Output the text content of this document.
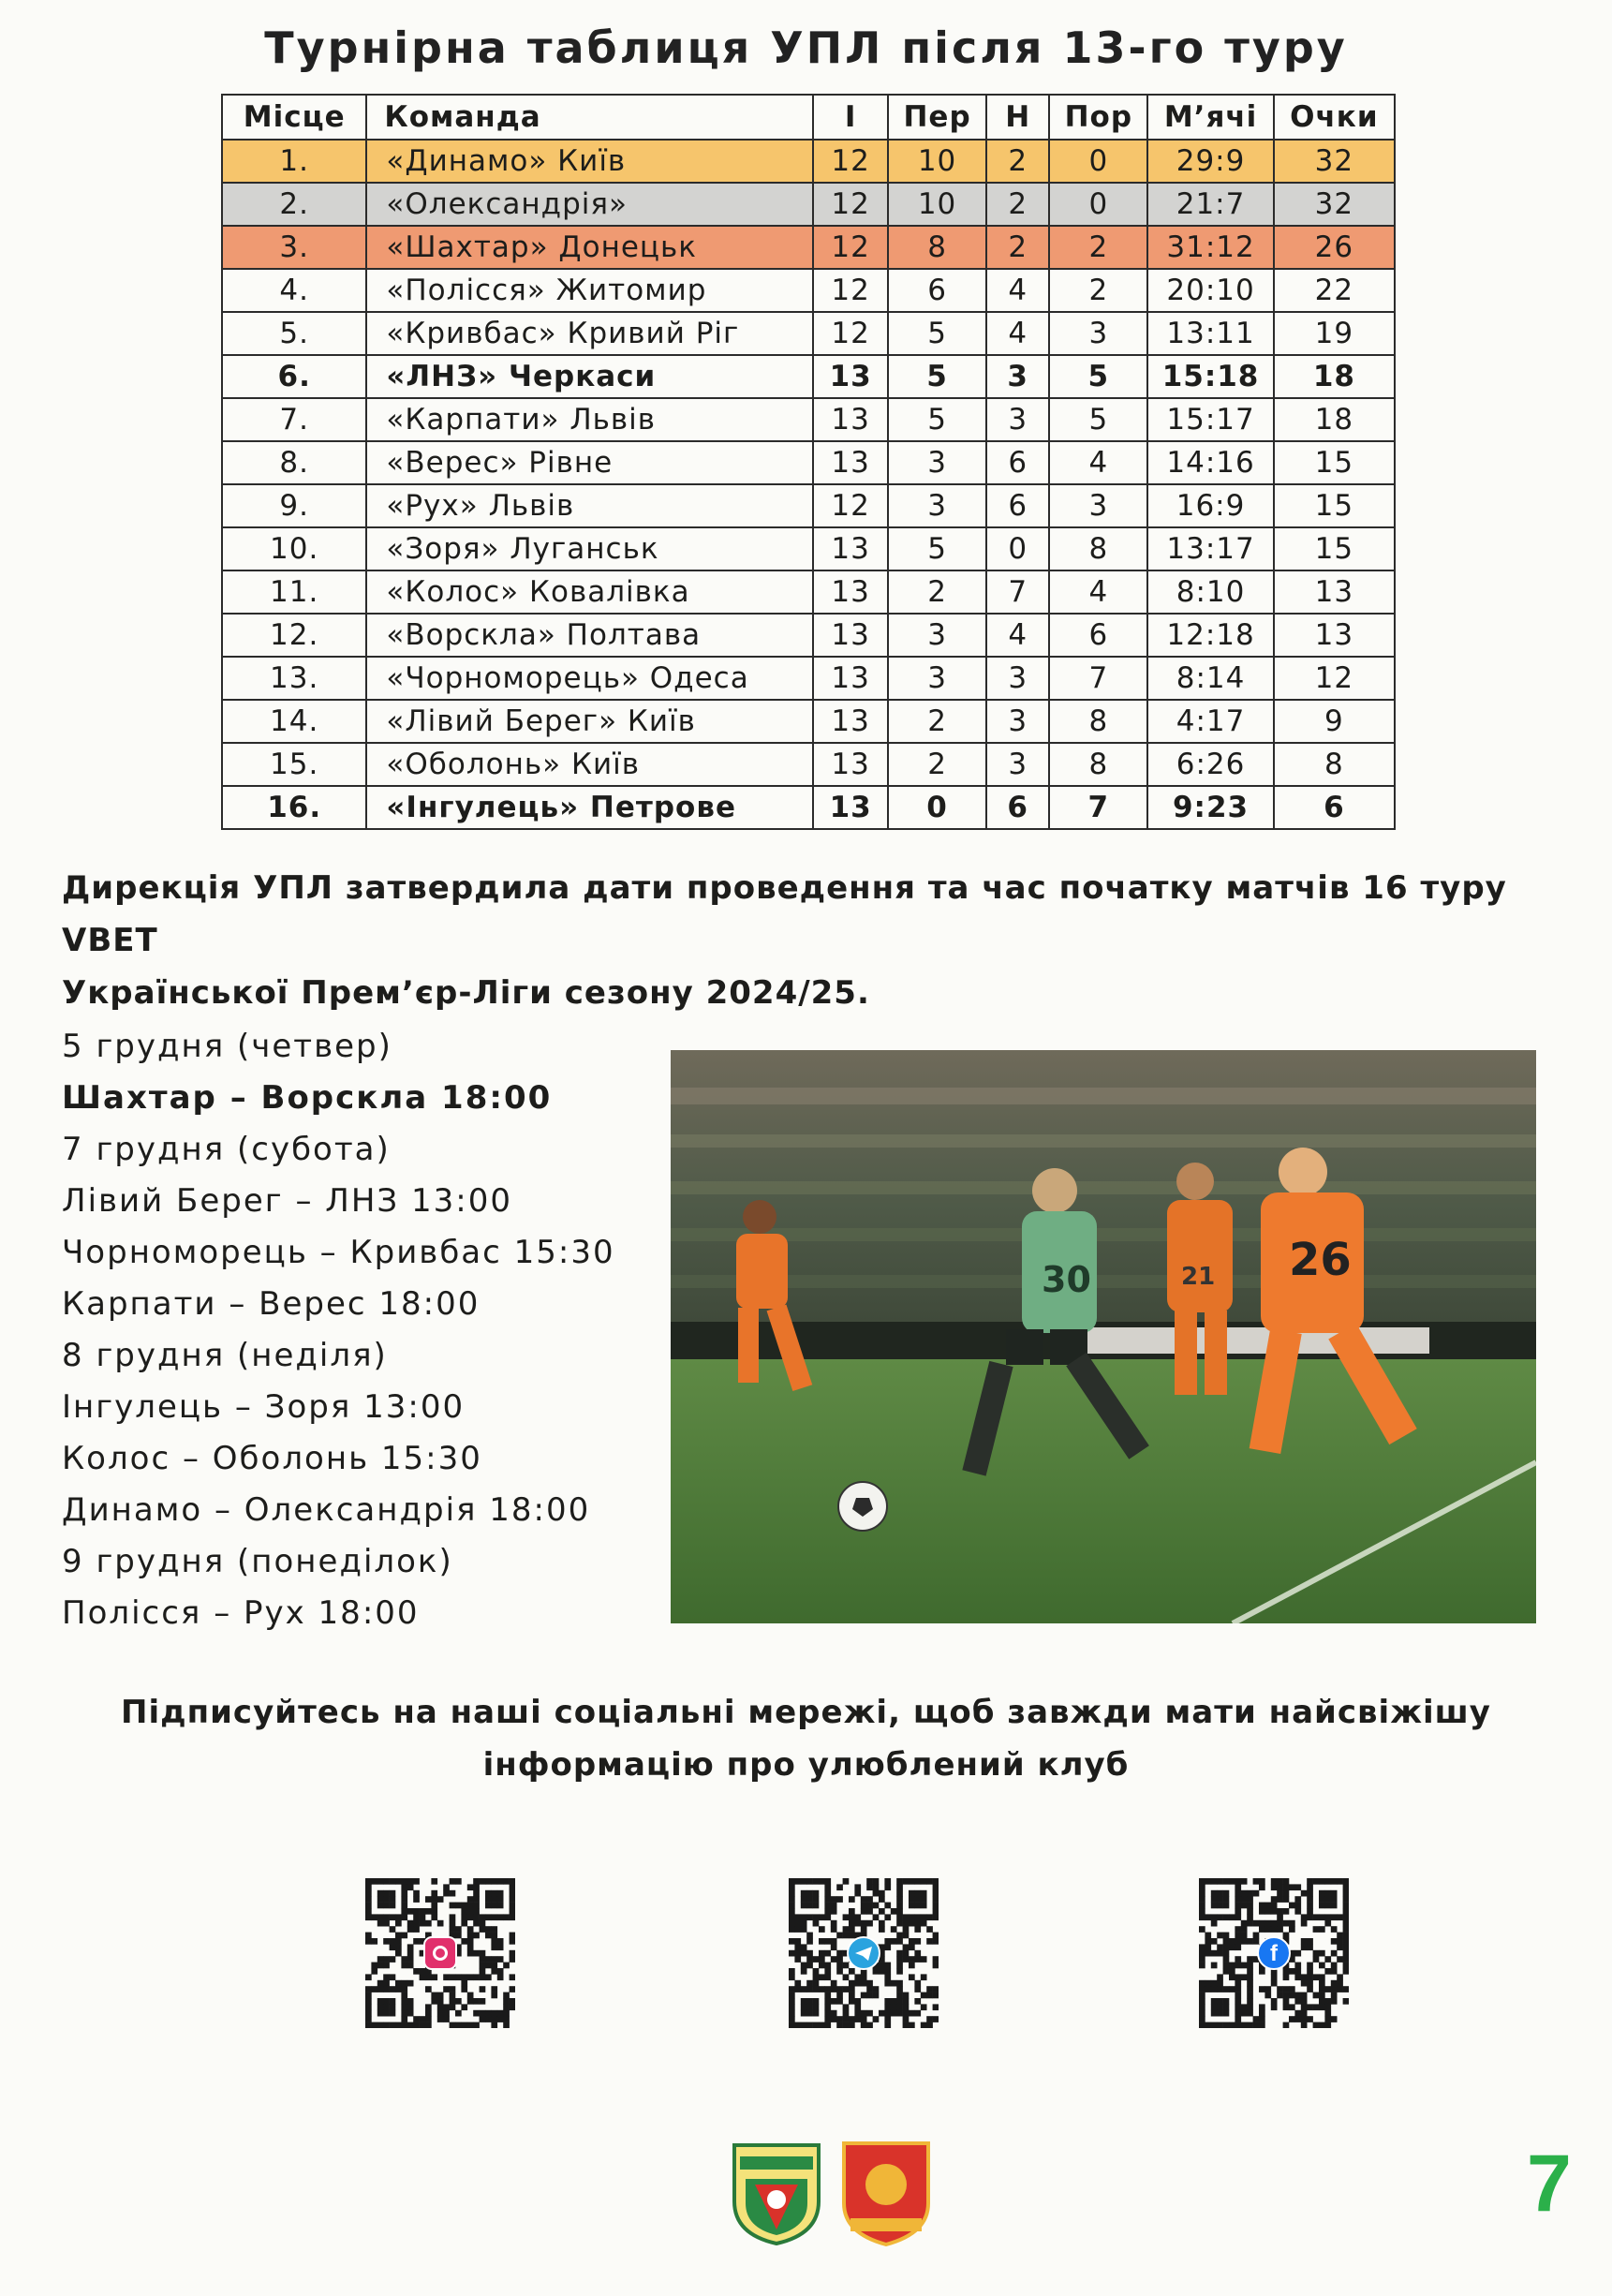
Турнірна таблиця УПЛ після 13-го туру
Місце	Команда	І	Пер	Н	Пор	М’ячі	Очки
1.	«Динамо» Київ	12	10	2	0	29:9	32
2.	«Олександрія»	12	10	2	0	21:7	32
3.	«Шахтар» Донецьк	12	8	2	2	31:12	26
4.	«Полісся» Житомир	12	6	4	2	20:10	22
5.	«Кривбас» Кривий Ріг	12	5	4	3	13:11	19
6.	«ЛНЗ» Черкаси	13	5	3	5	15:18	18
7.	«Карпати» Львів	13	5	3	5	15:17	18
8.	«Верес» Рівне	13	3	6	4	14:16	15
9.	«Рух» Львів	12	3	6	3	16:9	15
10.	«Зоря» Луганськ	13	5	0	8	13:17	15
11.	«Колос» Ковалівка	13	2	7	4	8:10	13
12.	«Ворскла» Полтава	13	3	4	6	12:18	13
13.	«Чорноморець» Одеса	13	3	3	7	8:14	12
14.	«Лівий Берег» Київ	13	2	3	8	4:17	9
15.	«Оболонь» Київ	13	2	3	8	6:26	8
16.	«Інгулець» Петрове	13	0	6	7	9:23	6
Дирекція УПЛ затвердила дати проведення та час початку матчів 16 туру VBET
Української Прем’єр-Ліги сезону 2024/25.
5 грудня (четвер)
Шахтар – Ворскла 18:00
7 грудня (субота)
Лівий Берег – ЛНЗ 13:00
Чорноморець – Кривбас 15:30
Карпати – Верес 18:00
8 грудня (неділя)
Інгулець – Зоря 13:00
Колос – Оболонь 15:30
Динамо – Олександрія 18:00
9 грудня (понеділок)
Полісся – Рух 18:00
30	26
21
Підписуйтесь на наші соціальні мережі, щоб завжди мати найсвіжішу
інформацію про улюблений клуб
f
7
